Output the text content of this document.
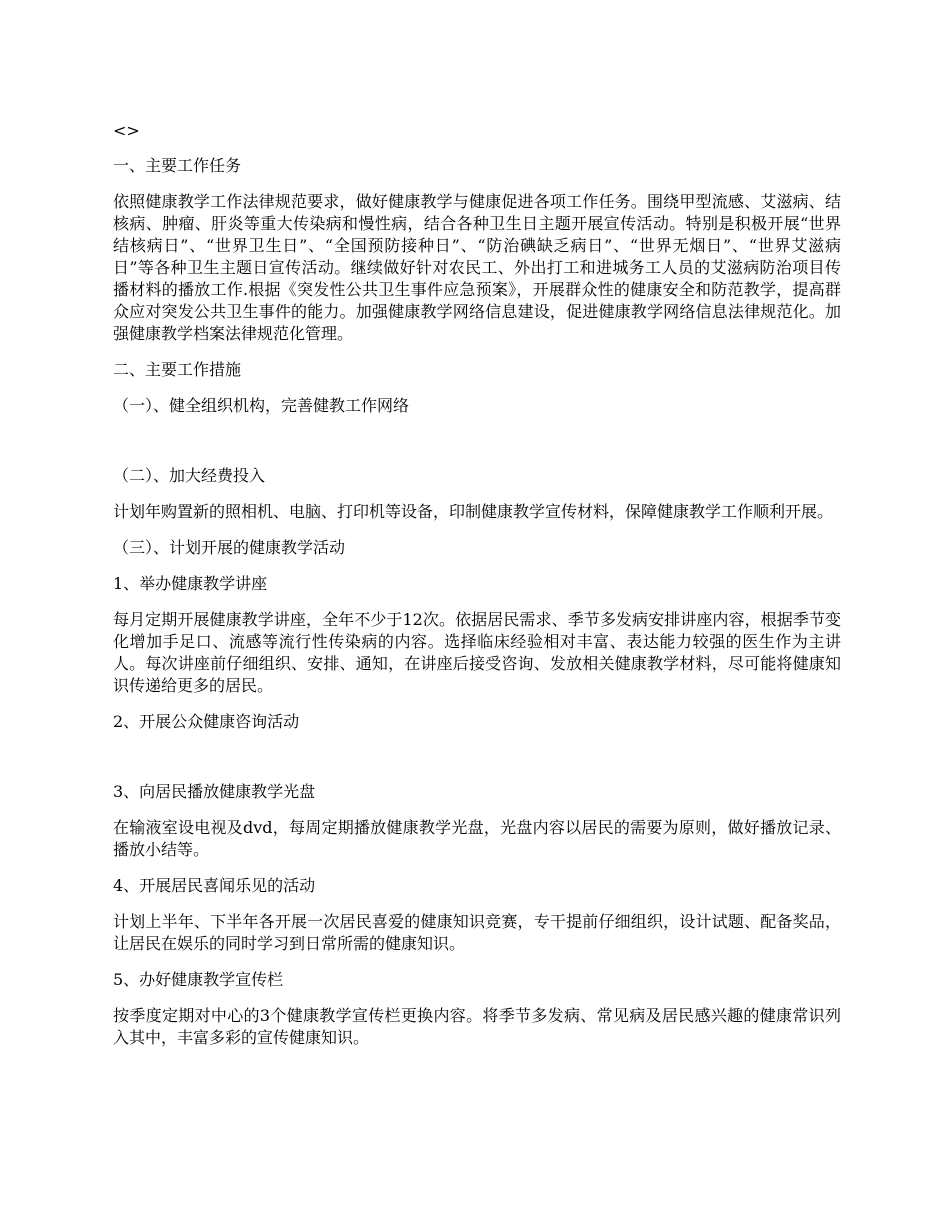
<>

一、主要工作任务

依照健康教学工作法律规范要求，做好健康教学与健康促进各项工作任务。围绕甲型流感、艾滋病、结核病、肿瘤、肝炎等重大传染病和慢性病，结合各种卫生日主题开展宣传活动。特别是积极开展“世界结核病日”、“世界卫生日”、“全国预防接种日”、“防治碘缺乏病日”、“世界无烟日”、“世界艾滋病日”等各种卫生主题日宣传活动。继续做好针对农民工、外出打工和进城务工人员的艾滋病防治项目传播材料的播放工作.根据《突发性公共卫生事件应急预案》，开展群众性的健康安全和防范教学，提高群众应对突发公共卫生事件的能力。加强健康教学网络信息建设，促进健康教学网络信息法律规范化。加强健康教学档案法律规范化管理。

二、主要工作措施

（一）、健全组织机构，完善健教工作网络

（二）、加大经费投入

计划年购置新的照相机、电脑、打印机等设备，印制健康教学宣传材料，保障健康教学工作顺利开展。

（三）、计划开展的健康教学活动

1、举办健康教学讲座

每月定期开展健康教学讲座，全年不少于12次。依据居民需求、季节多发病安排讲座内容，根据季节变化增加手足口、流感等流行性传染病的内容。选择临床经验相对丰富、表达能力较强的医生作为主讲人。每次讲座前仔细组织、安排、通知，在讲座后接受咨询、发放相关健康教学材料，尽可能将健康知识传递给更多的居民。

2、开展公众健康咨询活动

3、向居民播放健康教学光盘

在输液室设电视及dvd，每周定期播放健康教学光盘，光盘内容以居民的需要为原则，做好播放记录、播放小结等。

4、开展居民喜闻乐见的活动

计划上半年、下半年各开展一次居民喜爱的健康知识竞赛，专干提前仔细组织，设计试题、配备奖品，让居民在娱乐的同时学习到日常所需的健康知识。

5、办好健康教学宣传栏

按季度定期对中心的3个健康教学宣传栏更换内容。将季节多发病、常见病及居民感兴趣的健康常识列入其中，丰富多彩的宣传健康知识。
